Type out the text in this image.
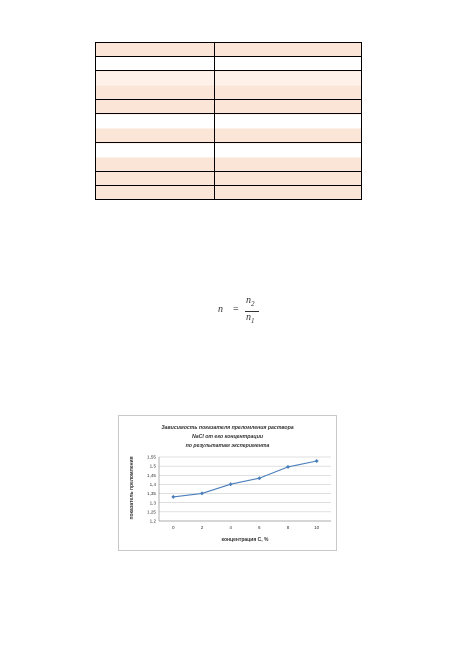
n =
$n_2$
$n_1$
Зависимость показателя преломления раствора
NaCl от его концентрации
по результатам эксперимента
1,2
1,25
1,3
1,35
1,4
1,45
1,5
1,55
0	2	4	6	8	10
концентрация С, %
показатель преломления
